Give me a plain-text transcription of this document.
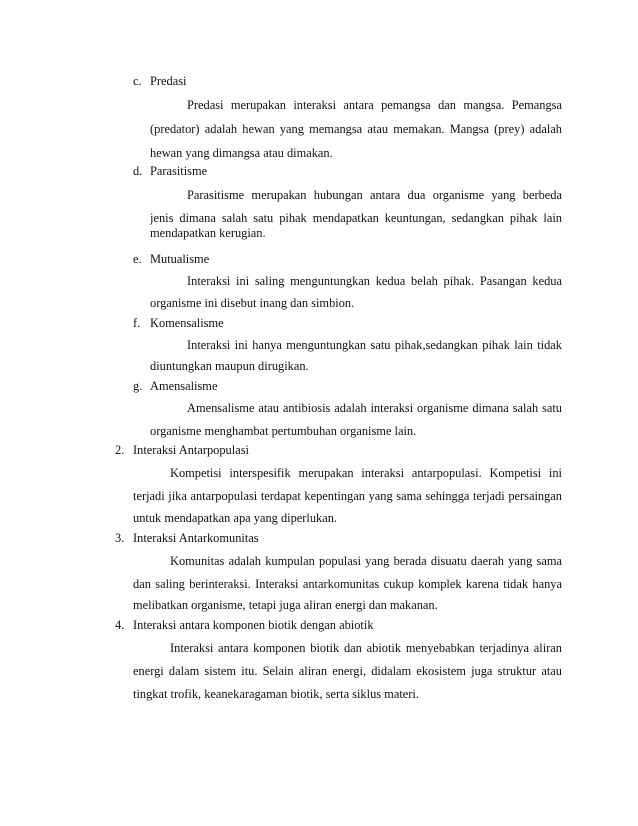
c. Predasi
Predasi merupakan interaksi antara pemangsa dan mangsa. Pemangsa
(predator) adalah hewan yang memangsa atau memakan. Mangsa (prey) adalah
hewan yang dimangsa atau dimakan.
d. Parasitisme
Parasitisme merupakan hubungan antara dua organisme yang berbeda
jenis dimana salah satu pihak mendapatkan keuntungan, sedangkan pihak lain
mendapatkan kerugian.
e. Mutualisme
Interaksi ini saling menguntungkan kedua belah pihak. Pasangan kedua
organisme ini disebut inang dan simbion.
f. Komensalisme
Interaksi ini hanya menguntungkan satu pihak,sedangkan pihak lain tidak
diuntungkan maupun dirugikan.
g. Amensalisme
Amensalisme atau antibiosis adalah interaksi organisme dimana salah satu
organisme menghambat pertumbuhan organisme lain.
2. Interaksi Antarpopulasi
Kompetisi interspesifik merupakan interaksi antarpopulasi. Kompetisi ini
terjadi jika antarpopulasi terdapat kepentingan yang sama sehingga terjadi persaingan
untuk mendapatkan apa yang diperlukan.
3. Interaksi Antarkomunitas
Komunitas adalah kumpulan populasi yang berada disuatu daerah yang sama
dan saling berinteraksi. Interaksi antarkomunitas cukup komplek karena tidak hanya
melibatkan organisme, tetapi juga aliran energi dan makanan.
4. Interaksi antara komponen biotik dengan abiotik
Interaksi antara komponen biotik dan abiotik menyebabkan terjadinya aliran
energi dalam sistem itu. Selain aliran energi, didalam ekosistem juga struktur atau
tingkat trofik, keanekaragaman biotik, serta siklus materi.
